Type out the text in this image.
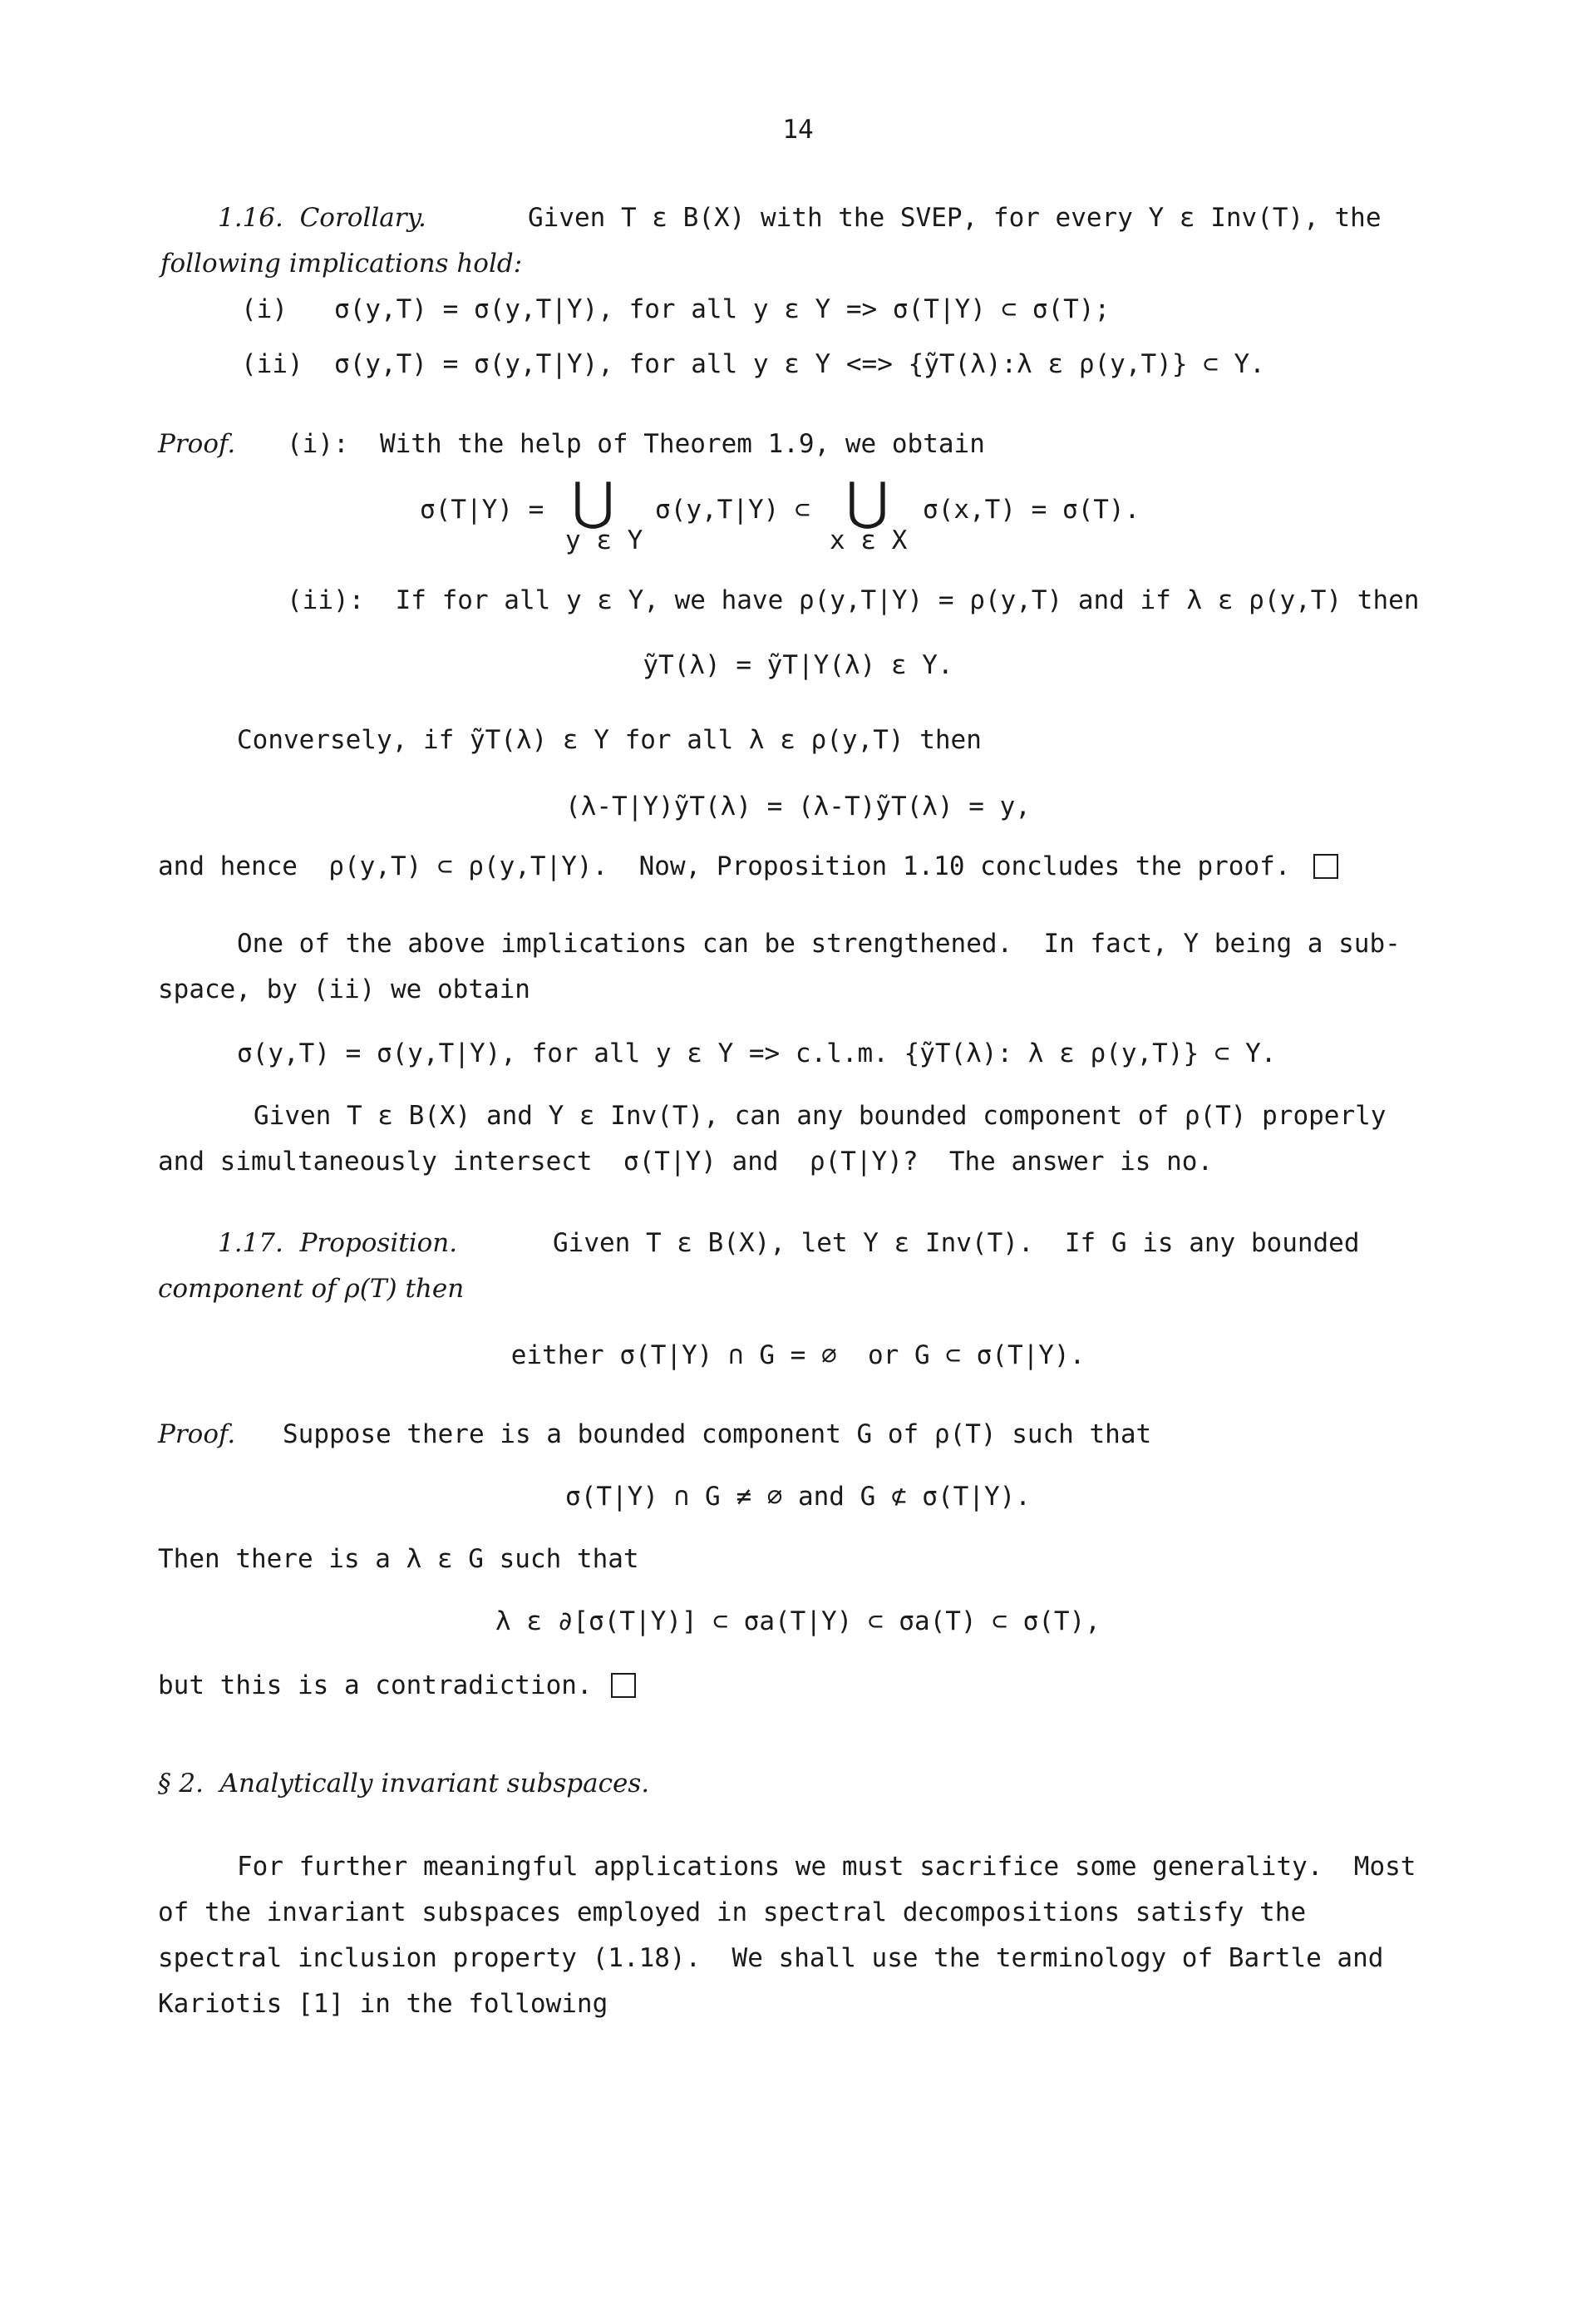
14
1.16.  Corollary.	Given T ε B(X) with the SVEP, for every Y ε Inv(T), the
following implications hold:
(i)   σ(y,T) = σ(y,T|Y), for all y ε Y => σ(T|Y) ⊂ σ(T);
(ii)  σ(y,T) = σ(y,T|Y), for all y ε Y <=> {ỹT(λ):λ ε ρ(y,T)} ⊂ Y.
Proof. (i):  With the help of Theorem 1.9, we obtain
σ(T|Y) = ⋃ σ(y,T|Y) ⊂ ⋃ σ(x,T) = σ(T).
y ε Y	x ε X
(ii):  If for all y ε Y, we have ρ(y,T|Y) = ρ(y,T) and if λ ε ρ(y,T) then
ỹT(λ) = ỹT|Y(λ) ε Y.
Conversely, if ỹT(λ) ε Y for all λ ε ρ(y,T) then
(λ-T|Y)ỹT(λ) = (λ-T)ỹT(λ) = y,
and hence  ρ(y,T) ⊂ ρ(y,T|Y).  Now, Proposition 1.10 concludes the proof.
One of the above implications can be strengthened.  In fact, Y being a sub-
space, by (ii) we obtain
σ(y,T) = σ(y,T|Y), for all y ε Y => c.l.m. {ỹT(λ): λ ε ρ(y,T)} ⊂ Y.
Given T ε B(X) and Y ε Inv(T), can any bounded component of ρ(T) properly
and simultaneously intersect  σ(T|Y) and  ρ(T|Y)?  The answer is no.
1.17.  Proposition.	Given T ε B(X), let Y ε Inv(T).  If G is any bounded
component of ρ(T) then
either σ(T|Y) ∩ G = ∅  or G ⊂ σ(T|Y).
Proof. Suppose there is a bounded component G of ρ(T) such that
σ(T|Y) ∩ G ≠ ∅ and G ⊄ σ(T|Y).
Then there is a λ ε G such that
λ ε ∂[σ(T|Y)] ⊂ σa(T|Y) ⊂ σa(T) ⊂ σ(T),
but this is a contradiction.
§ 2.  Analytically invariant subspaces.
For further meaningful applications we must sacrifice some generality.  Most
of the invariant subspaces employed in spectral decompositions satisfy the
spectral inclusion property (1.18).  We shall use the terminology of Bartle and
Kariotis [1] in the following
